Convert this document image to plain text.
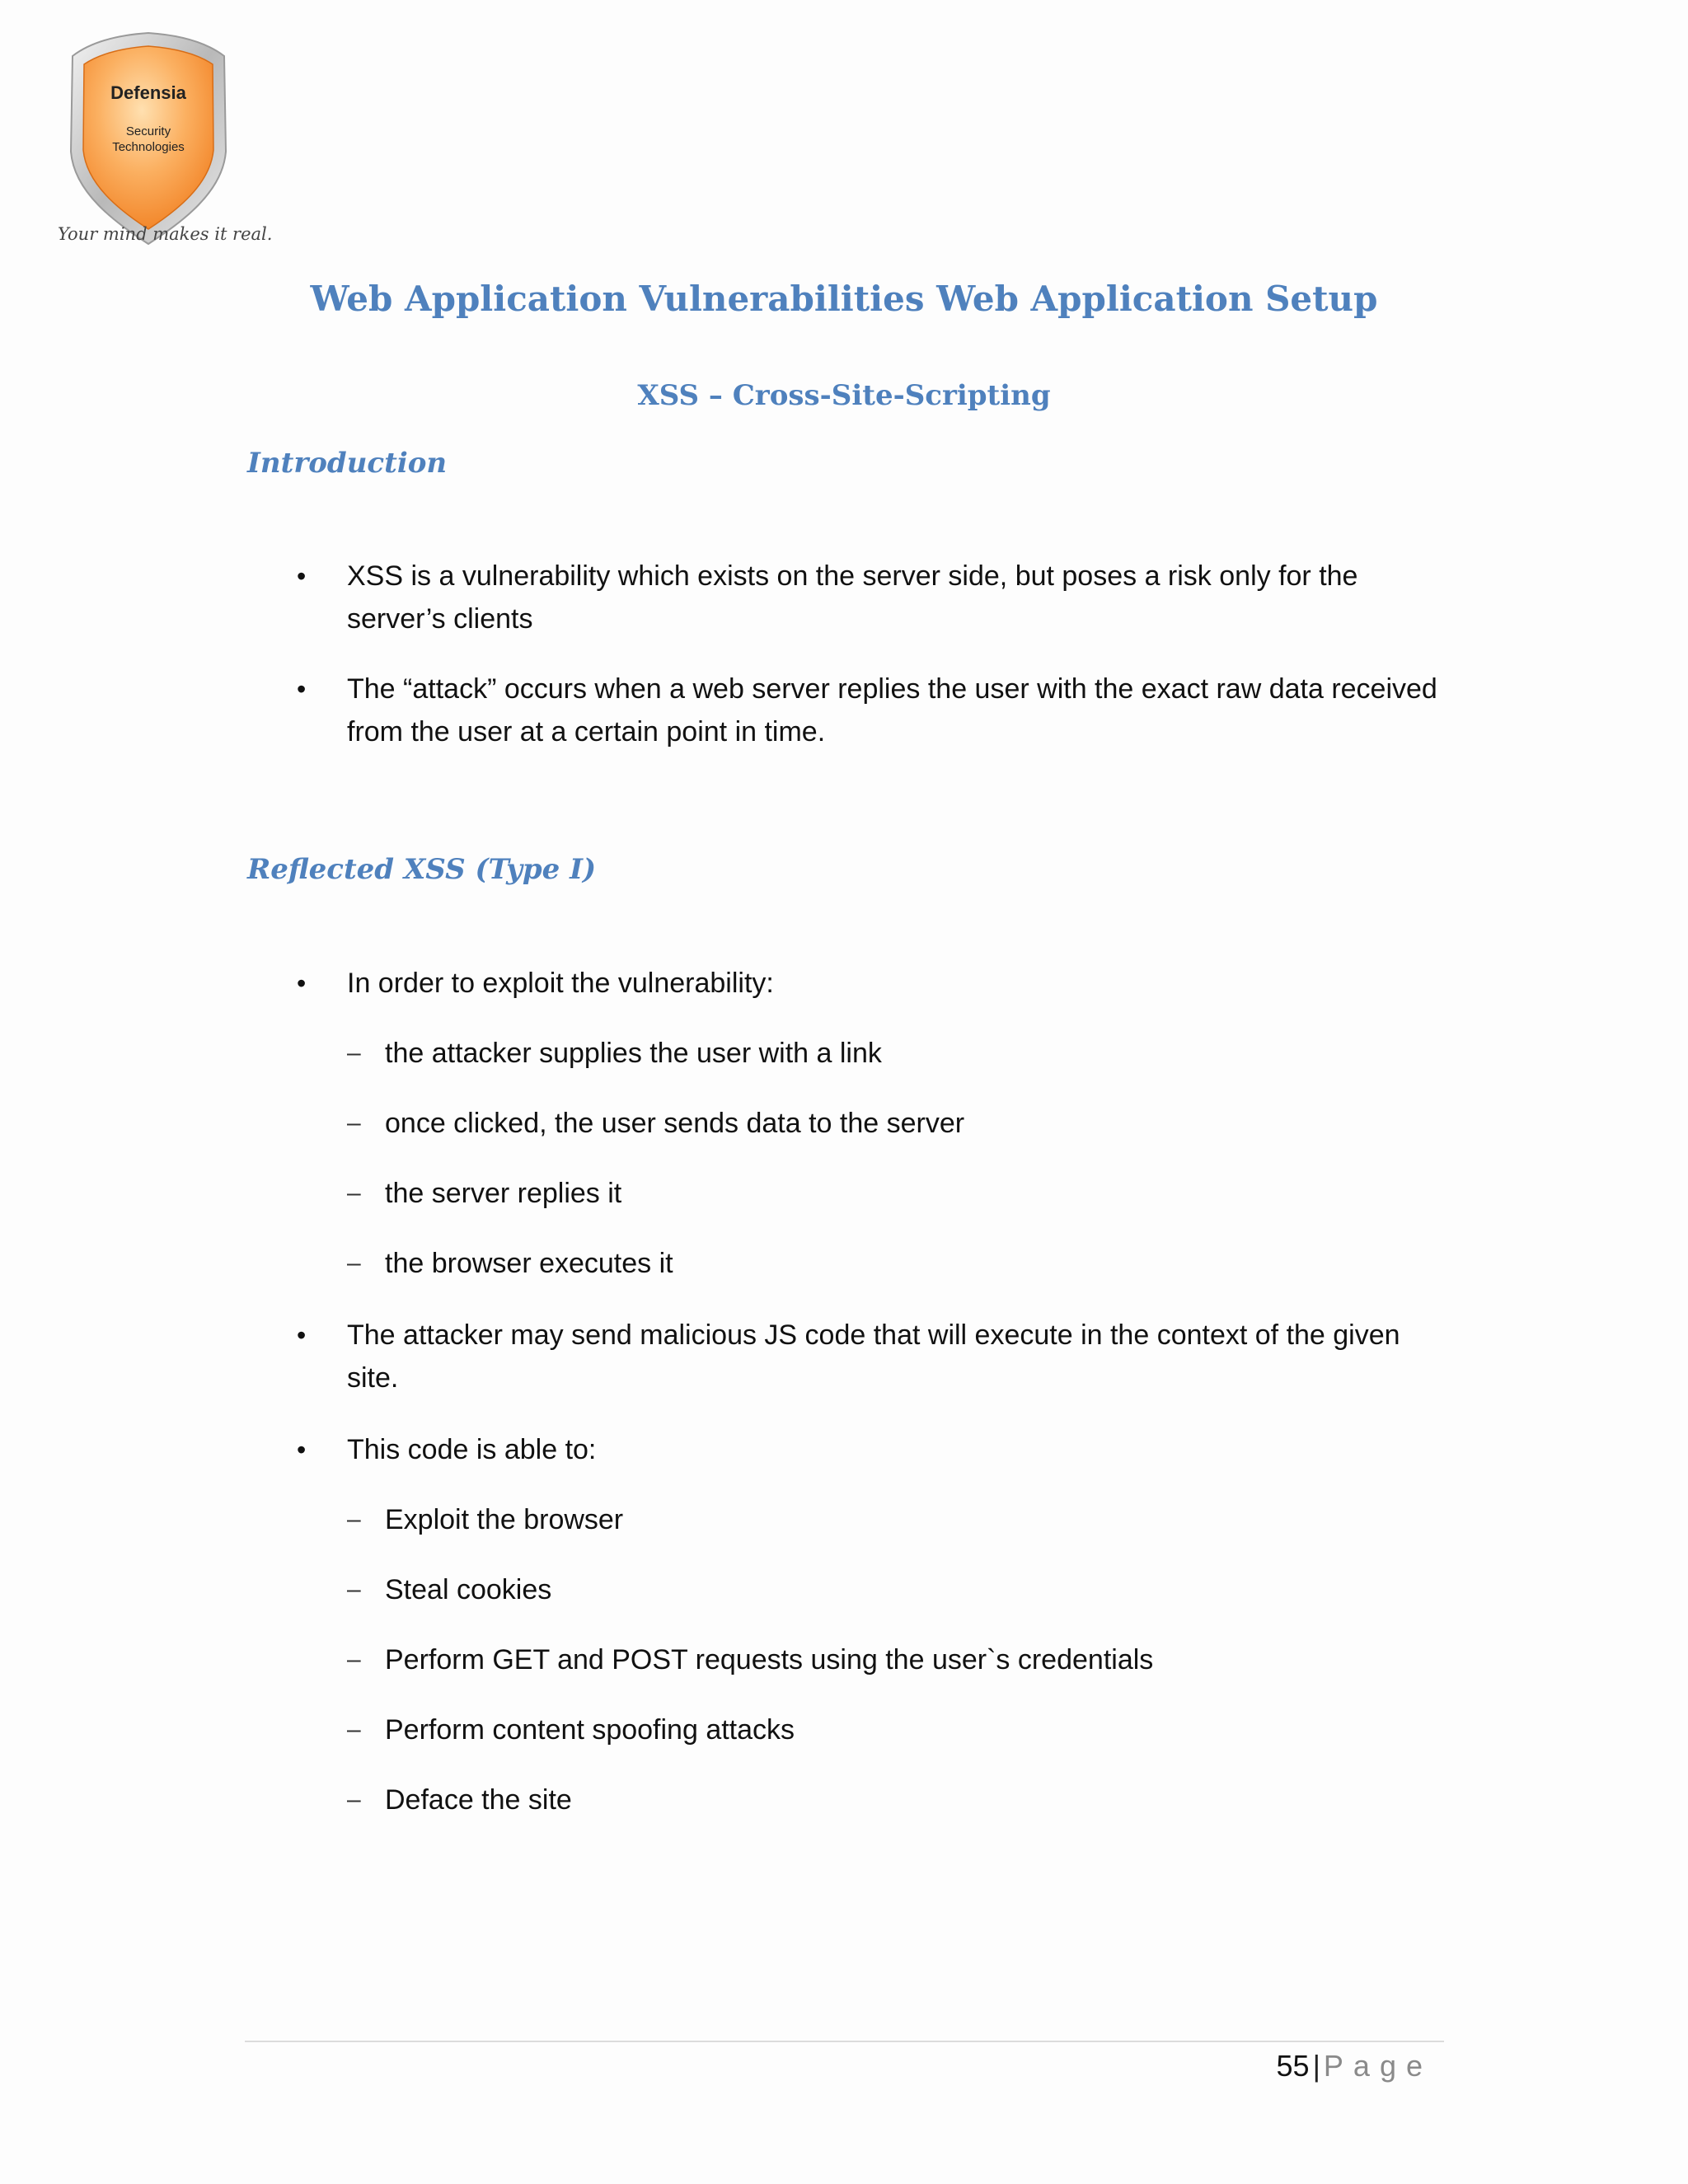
Defensia
Security
Technologies
Your mind makes it real.
Web Application Vulnerabilities Web Application Setup
XSS – Cross-Site-Scripting
Introduction
• XSS is a vulnerability which exists on the server side, but poses a risk only for the server’s clients
• The “attack” occurs when a web server replies the user with the exact raw data received from the user at a certain point in time.
Reflected XSS (Type I)
• In order to exploit the vulnerability:
– the attacker supplies the user with a link
– once clicked, the user sends data to the server
– the server replies it
– the browser executes it
• The attacker may send malicious JS code that will execute in the context of the given site.
• This code is able to:
– Exploit the browser
– Steal cookies
– Perform GET and POST requests using the user`s credentials
– Perform content spoofing attacks
– Deface the site
55 | Page
